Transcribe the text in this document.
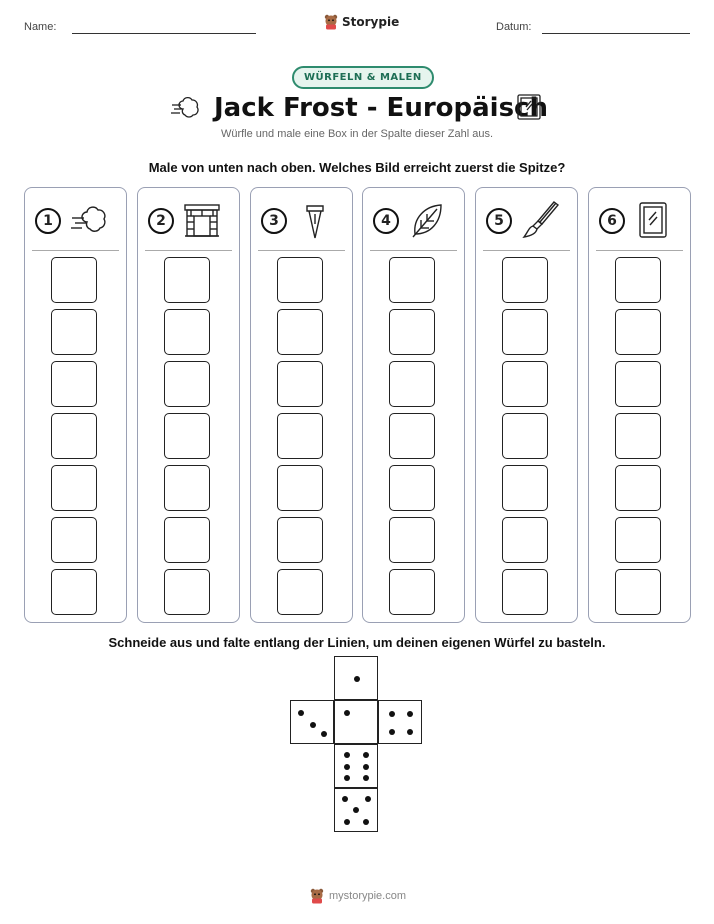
Name:	Storypie	Datum:
WÜRFELN & MALEN
Jack Frost - Europäisch
Würfle und male eine Box in der Spalte dieser Zahl aus.
Male von unten nach oben. Welches Bild erreicht zuerst die Spitze?
1	2	3	4	5	6
Schneide aus und falte entlang der Linien, um deinen eigenen Würfel zu basteln.
mystorypie.com
